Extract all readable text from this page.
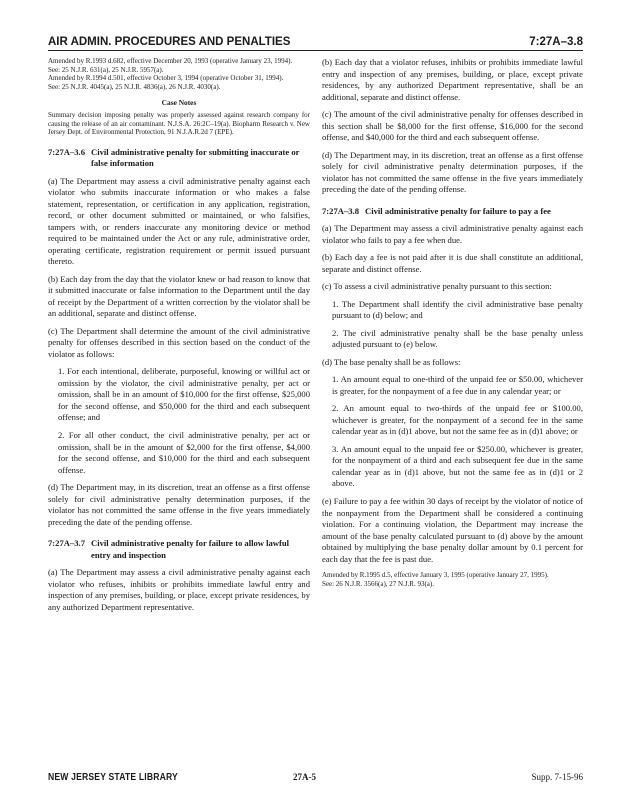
AIR ADMIN. PROCEDURES AND PENALTIES	7:27A–3.8

Amended by R.1993 d.682, effective December 20, 1993 (operative January 23, 1994).

See: 25 N.J.R. 631(a), 25 N.J.R. 5957(a).

Amended by R.1994 d.501, effective October 3, 1994 (operative October 31, 1994).

See: 25 N.J.R. 4045(a), 25 N.J.R. 4836(a), 26 N.J.R. 4030(a).

Case Notes

Summary decision imposing penalty was properly assessed against research company for causing the release of an air contaminant. N.J.S.A. 26:2C–19(a). Biopharm Research v. New Jersey Dept. of Environmental Protection, 91 N.J.A.R.2d 7 (EPE).

7:27A–3.6 Civil administrative penalty for submitting inaccurate or false information

(a) The Department may assess a civil administrative penalty against each violator who submits inaccurate information or who makes a false statement, representation, or certification in any application, registration, record, or other document submitted or maintained, or who falsifies, tampers with, or renders inaccurate any monitoring device or method required to be maintained under the Act or any rule, administrative order, operating certificate, registration requirement or permit issued pursuant thereto.

(b) Each day from the day that the violator knew or had reason to know that it submitted inaccurate or false information to the Department until the day of receipt by the Department of a written correction by the violator shall be an additional, separate and distinct offense.

(c) The Department shall determine the amount of the civil administrative penalty for offenses described in this section based on the conduct of the violator as follows:

1. For each intentional, deliberate, purposeful, knowing or willful act or omission by the violator, the civil administrative penalty, per act or omission, shall be in an amount of $10,000 for the first offense, $25,000 for the second offense, and $50,000 for the third and each subsequent offense; and

2. For all other conduct, the civil administrative penalty, per act or omission, shall be in the amount of $2,000 for the first offense, $4,000 for the second offense, and $10,000 for the third and each subsequent offense.

(d) The Department may, in its discretion, treat an offense as a first offense solely for civil administrative penalty determination purposes, if the violator has not committed the same offense in the five years immediately preceding the date of the pending offense.

7:27A–3.7 Civil administrative penalty for failure to allow lawful entry and inspection

(a) The Department may assess a civil administrative penalty against each violator who refuses, inhibits or prohibits immediate lawful entry and inspection of any premises, building, or place, except private residences, by any authorized Department representative.

(b) Each day that a violator refuses, inhibits or prohibits immediate lawful entry and inspection of any premises, building, or place, except private residences, by any authorized Department representative, shall be an additional, separate and distinct offense.

(c) The amount of the civil administrative penalty for offenses described in this section shall be $8,000 for the first offense, $16,000 for the second offense, and $40,000 for the third and each subsequent offense.

(d) The Department may, in its discretion, treat an offense as a first offense solely for civil administrative penalty determination purposes, if the violator has not committed the same offense in the five years immediately preceding the date of the pending offense.

7:27A–3.8 Civil administrative penalty for failure to pay a fee

(a) The Department may assess a civil administrative penalty against each violator who fails to pay a fee when due.

(b) Each day a fee is not paid after it is due shall constitute an additional, separate and distinct offense.

(c) To assess a civil administrative penalty pursuant to this section:

1. The Department shall identify the civil administrative base penalty pursuant to (d) below; and

2. The civil administrative penalty shall be the base penalty unless adjusted pursuant to (e) below.

(d) The base penalty shall be as follows:

1. An amount equal to one-third of the unpaid fee or $50.00, whichever is greater, for the nonpayment of a fee due in any calendar year; or

2. An amount equal to two-thirds of the unpaid fee or $100.00, whichever is greater, for the nonpayment of a second fee in the same calendar year as in (d)1 above, but not the same fee as in (d)1 above; or

3. An amount equal to the unpaid fee or $250.00, whichever is greater, for the nonpayment of a third and each subsequent fee due in the same calendar year as in (d)1 above, but not the same fee as in (d)1 or 2 above.

(e) Failure to pay a fee within 30 days of receipt by the violator of notice of the nonpayment from the Department shall be considered a continuing violation. For a continuing violation, the Department may increase the amount of the base penalty calculated pursuant to (d) above by the amount obtained by multiplying the base penalty dollar amount by 0.1 percent for each day that the fee is past due.

Amended by R.1995 d.5, effective January 3, 1995 (operative January 27, 1995).

See: 26 N.J.R. 3566(a), 27 N.J.R. 93(a).

NEW JERSEY STATE LIBRARY	27A-5	Supp. 7-15-96
